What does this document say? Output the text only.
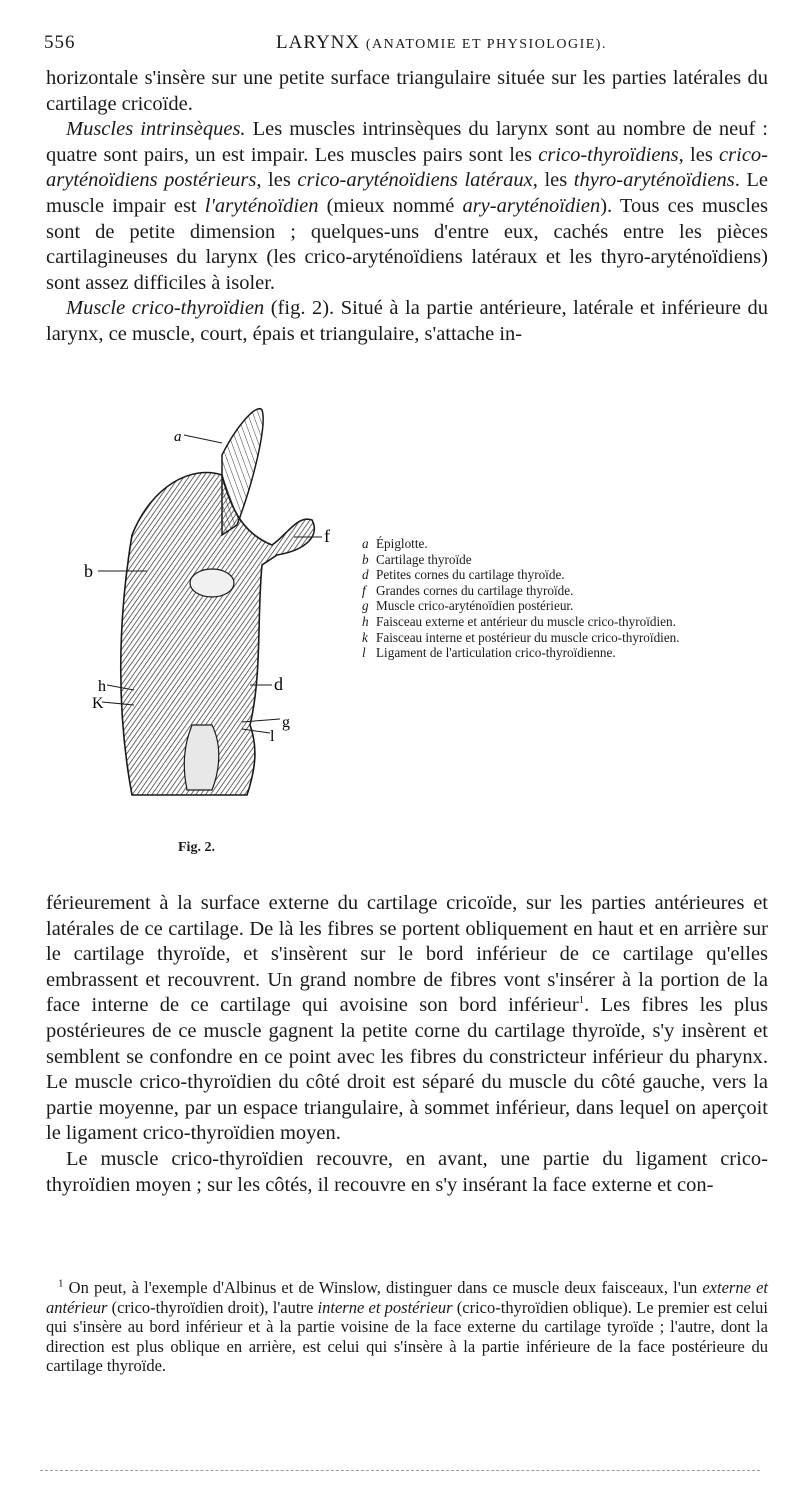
556	LARYNX (ANATOMIE ET PHYSIOLOGIE).

horizontale s'insère sur une petite surface triangulaire située sur les parties latérales du cartilage cricoïde.

Muscles intrinsèques. Les muscles intrinsèques du larynx sont au nombre de neuf : quatre sont pairs, un est impair. Les muscles pairs sont les crico-thyroïdiens, les crico-aryténoïdiens postérieurs, les crico-aryténoïdiens latéraux, les thyro-aryténoïdiens. Le muscle impair est l'aryténoïdien (mieux nommé ary-aryténoïdien). Tous ces muscles sont de petite dimension ; quelques-uns d'entre eux, cachés entre les pièces cartilagineuses du larynx (les crico-aryténoïdiens latéraux et les thyro-aryténoïdiens) sont assez difficiles à isoler.

Muscle crico-thyroïdien (fig. 2). Situé à la partie antérieure, latérale et inférieure du larynx, ce muscle, court, épais et triangulaire, s'attache in-

a
b
f
d
h
K
g
l
Fig. 2.
a Épiglotte.
b Cartilage thyroïde
d Petites cornes du cartilage thyroïde.
f Grandes cornes du cartilage thyroïde.
g Muscle crico-aryténoïdien postérieur.
h Faisceau externe et antérieur du muscle crico-thyroïdien.
k Faisceau interne et postérieur du muscle crico-thyroïdien.
l Ligament de l'articulation crico-thyroïdienne.

férieurement à la surface externe du cartilage cricoïde, sur les parties antérieures et latérales de ce cartilage. De là les fibres se portent obliquement en haut et en arrière sur le cartilage thyroïde, et s'insèrent sur le bord inférieur de ce cartilage qu'elles embrassent et recouvrent. Un grand nombre de fibres vont s'insérer à la portion de la face interne de ce cartilage qui avoisine son bord inférieur$^1$. Les fibres les plus postérieures de ce muscle gagnent la petite corne du cartilage thyroïde, s'y insèrent et semblent se confondre en ce point avec les fibres du constricteur inférieur du pharynx. Le muscle crico-thyroïdien du côté droit est séparé du muscle du côté gauche, vers la partie moyenne, par un espace triangulaire, à sommet inférieur, dans lequel on aperçoit le ligament crico-thyroïdien moyen.

Le muscle crico-thyroïdien recouvre, en avant, une partie du ligament crico-thyroïdien moyen ; sur les côtés, il recouvre en s'y insérant la face externe et con-

$^1$ On peut, à l'exemple d'Albinus et de Winslow, distinguer dans ce muscle deux faisceaux, l'un externe et antérieur (crico-thyroïdien droit), l'autre interne et postérieur (crico-thyroïdien oblique). Le premier est celui qui s'insère au bord inférieur et à la partie voisine de la face externe du cartilage tyroïde ; l'autre, dont la direction est plus oblique en arrière, est celui qui s'insère à la partie inférieure de la face postérieure du cartilage thyroïde.
